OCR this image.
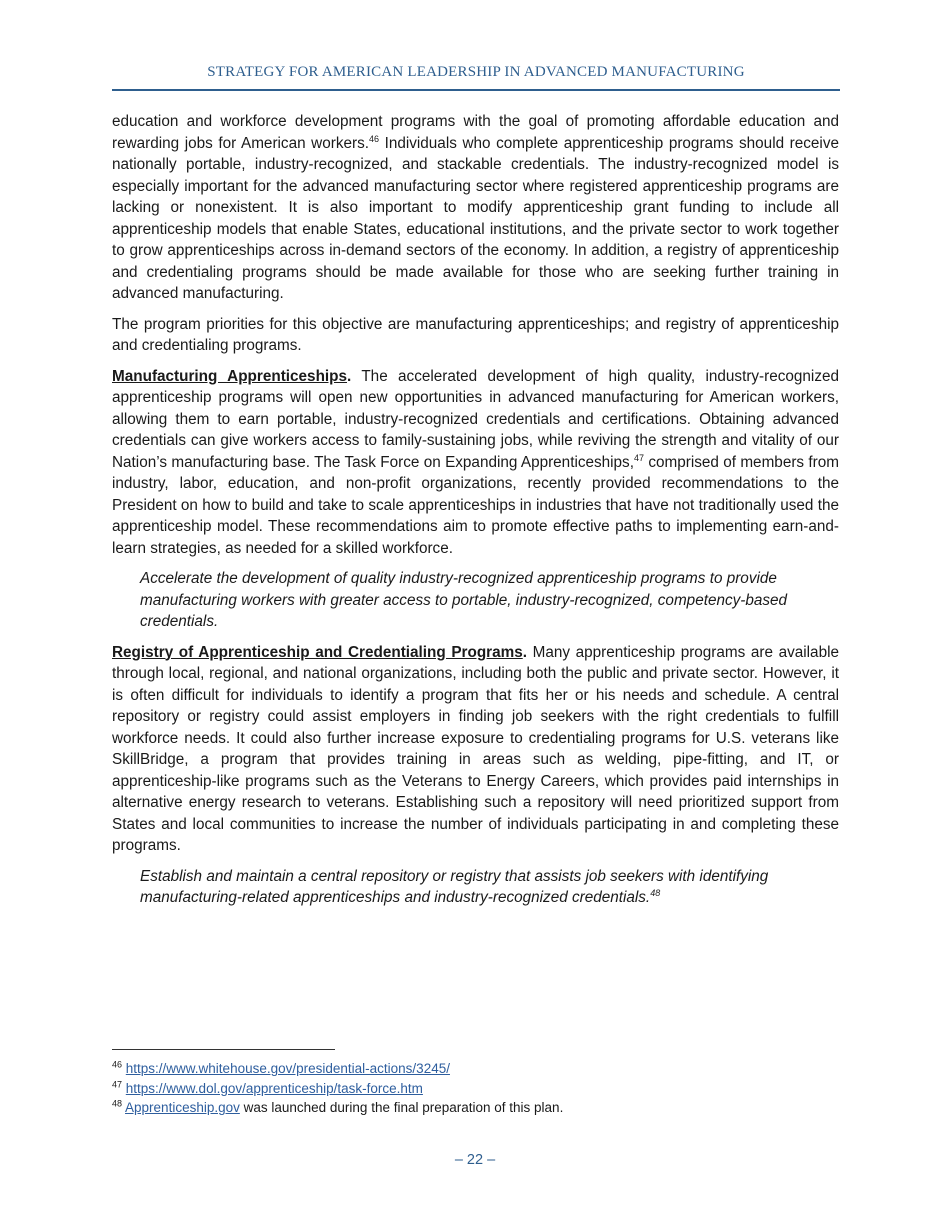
STRATEGY FOR AMERICAN LEADERSHIP IN ADVANCED MANUFACTURING

education and workforce development programs with the goal of promoting affordable education and rewarding jobs for American workers.$^{46}$ Individuals who complete apprenticeship programs should receive nationally portable, industry-recognized, and stackable credentials. The industry-recognized model is especially important for the advanced manufacturing sector where registered apprenticeship programs are lacking or nonexistent. It is also important to modify apprenticeship grant funding to include all apprenticeship models that enable States, educational institutions, and the private sector to work together to grow apprenticeships across in-demand sectors of the economy. In addition, a registry of apprenticeship and credentialing programs should be made available for those who are seeking further training in advanced manufacturing.

The program priorities for this objective are manufacturing apprenticeships; and registry of apprenticeship and credentialing programs.

Manufacturing Apprenticeships. The accelerated development of high quality, industry-recognized apprenticeship programs will open new opportunities in advanced manufacturing for American workers, allowing them to earn portable, industry-recognized credentials and certifications. Obtaining advanced credentials can give workers access to family-sustaining jobs, while reviving the strength and vitality of our Nation’s manufacturing base. The Task Force on Expanding Apprenticeships,$^{47}$ comprised of members from industry, labor, education, and non-profit organizations, recently provided recommendations to the President on how to build and take to scale apprenticeships in industries that have not traditionally used the apprenticeship model. These recommendations aim to promote effective paths to implementing earn-and-learn strategies, as needed for a skilled workforce.

Accelerate the development of quality industry-recognized apprenticeship programs to provide manufacturing workers with greater access to portable, industry-recognized, competency-based credentials.

Registry of Apprenticeship and Credentialing Programs. Many apprenticeship programs are available through local, regional, and national organizations, including both the public and private sector. However, it is often difficult for individuals to identify a program that fits her or his needs and schedule. A central repository or registry could assist employers in finding job seekers with the right credentials to fulfill workforce needs. It could also further increase exposure to credentialing programs for U.S. veterans like SkillBridge, a program that provides training in areas such as welding, pipe-fitting, and IT, or apprenticeship-like programs such as the Veterans to Energy Careers, which provides paid internships in alternative energy research to veterans. Establishing such a repository will need prioritized support from States and local communities to increase the number of individuals participating in and completing these programs.

Establish and maintain a central repository or registry that assists job seekers with identifying manufacturing-related apprenticeships and industry-recognized credentials.$^{48}$

$^{46}$ https://www.whitehouse.gov/presidential-actions/3245/

$^{47}$ https://www.dol.gov/apprenticeship/task-force.htm

$^{48}$ Apprenticeship.gov was launched during the final preparation of this plan.

– 22 –
